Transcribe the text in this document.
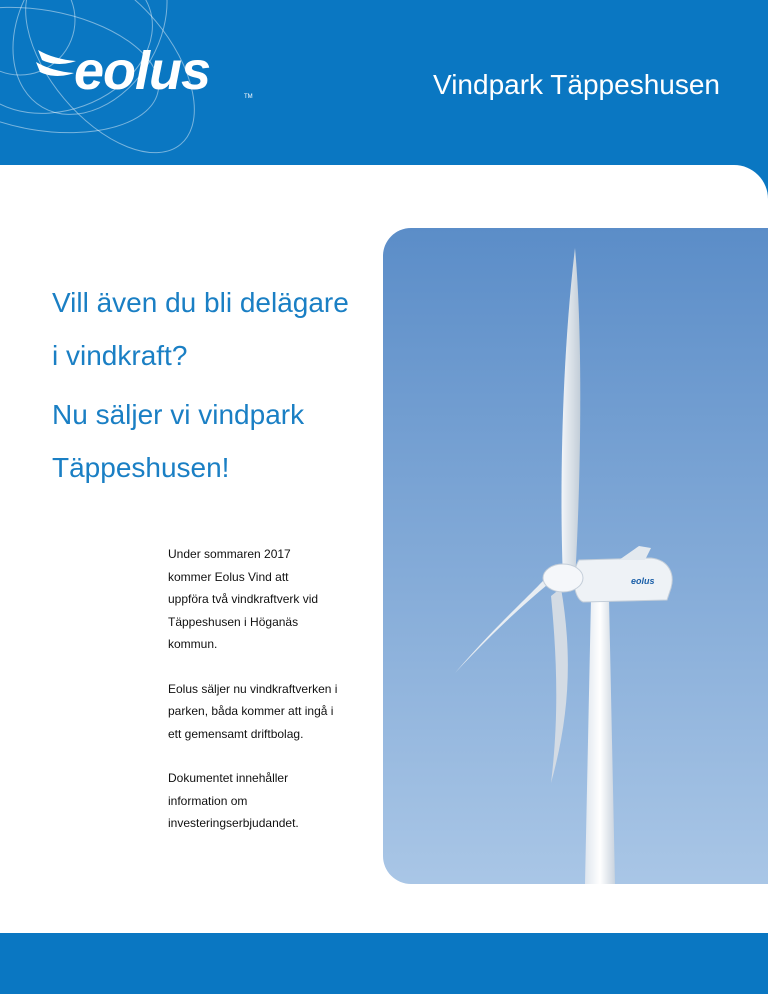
eolus	TM	Vindpark Täppeshusen

Vill även du bli delägare

i vindkraft?

Nu säljer vi vindpark

Täppeshusen!

Under sommaren 2017
kommer Eolus Vind att
uppföra två vindkraftverk vid
Täppeshusen i Höganäs
kommun.

Eolus säljer nu vindkraftverken i
parken, båda kommer att ingå i
ett gemensamt driftbolag.

Dokumentet innehåller
information om
investeringserbjudandet.

eolus
